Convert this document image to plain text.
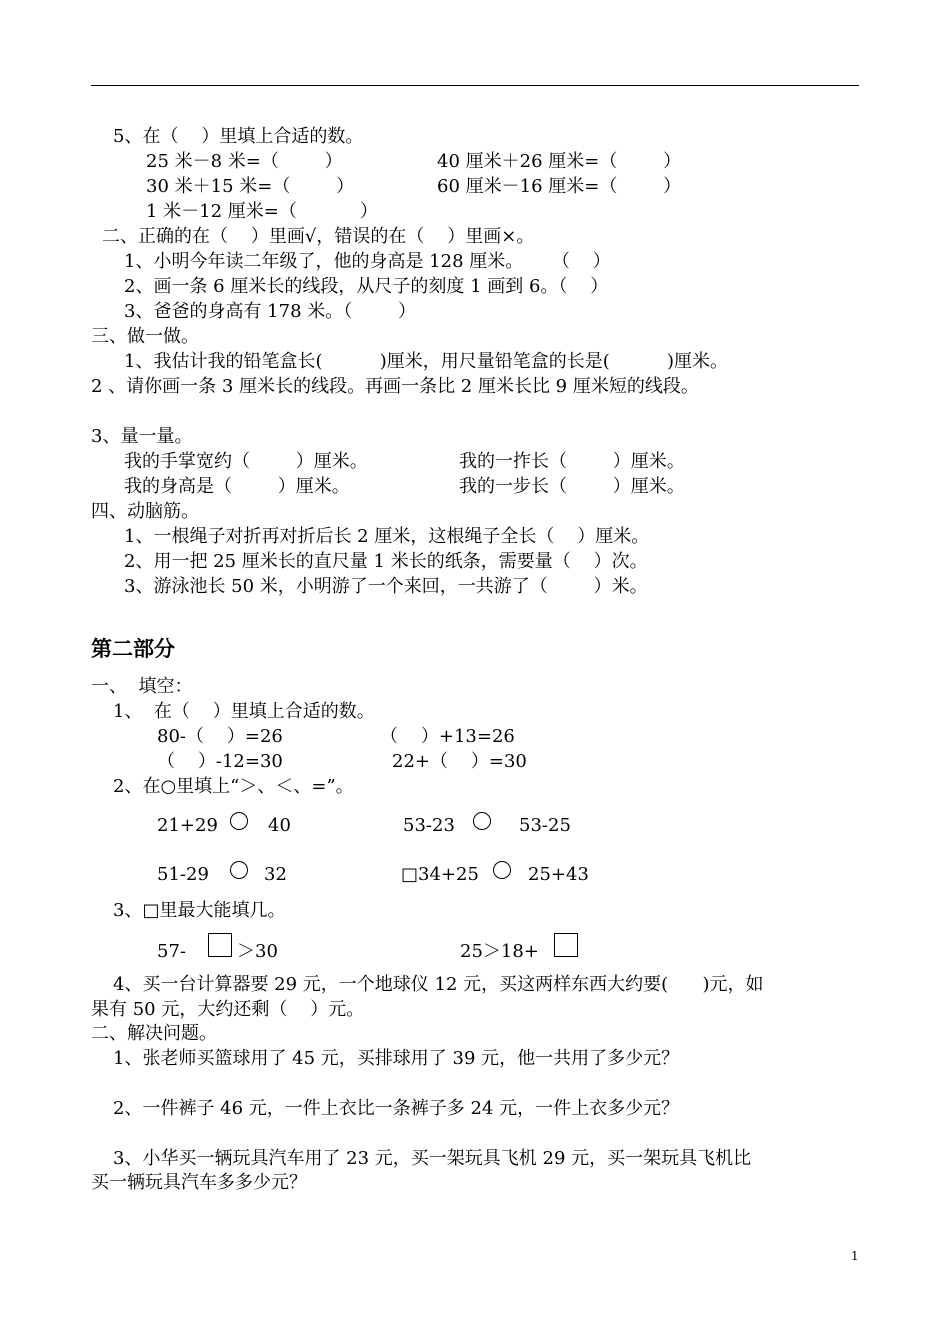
5、在（    ）里填上合适的数。
25 米－8 米=（        ）	40 厘米＋26 厘米=（        ）
30 米＋15 米=（        ）	60 厘米－16 厘米=（        ）
1 米－12 厘米=（           ）
二、正确的在（    ）里画√，错误的在（    ）里画×。
1、小明今年读二年级了，他的身高是 128 厘米。     （    ）
2、画一条 6 厘米长的线段，从尺子的刻度 1 画到 6。（    ）
3、爸爸的身高有 178 米。（        ）
三、做一做。
1、我估计我的铅笔盒长(          )厘米，用尺量铅笔盒的长是(          )厘米。
2 、请你画一条 3 厘米长的线段。再画一条比 2 厘米长比 9 厘米短的线段。
3、量一量。
我的手掌宽约（        ）厘米。	我的一拃长（        ）厘米。
我的身高是（        ）厘米。	我的一步长（        ）厘米。
四、动脑筋。
1、一根绳子对折再对折后长 2 厘米，这根绳子全长（    ）厘米。
2、用一把 25 厘米长的直尺量 1 米长的纸条，需要量（    ）次。
3、游泳池长 50 米，小明游了一个来回，一共游了（        ）米。
第二部分
一、  填空：
1、  在（    ）里填上合适的数。
80-（    ）=26	（    ）+13=26
（    ）-12=30	22+（    ）=30
2、在○里填上“＞、＜、=”。
21+29	40	53-23	53-25
51-29	32	□34+25	25+43
3、□里最大能填几。
57-	＞30	25＞18+
4、买一台计算器要 29 元，一个地球仪 12 元，买这两样东西大约要(      )元，如
果有 50 元，大约还剩（    ）元。
二、解决问题。
1、张老师买篮球用了 45 元，买排球用了 39 元，他一共用了多少元？
2、一件裤子 46 元，一件上衣比一条裤子多 24 元，一件上衣多少元？
3、小华买一辆玩具汽车用了 23 元，买一架玩具飞机 29 元，买一架玩具飞机比
买一辆玩具汽车多多少元？
1
